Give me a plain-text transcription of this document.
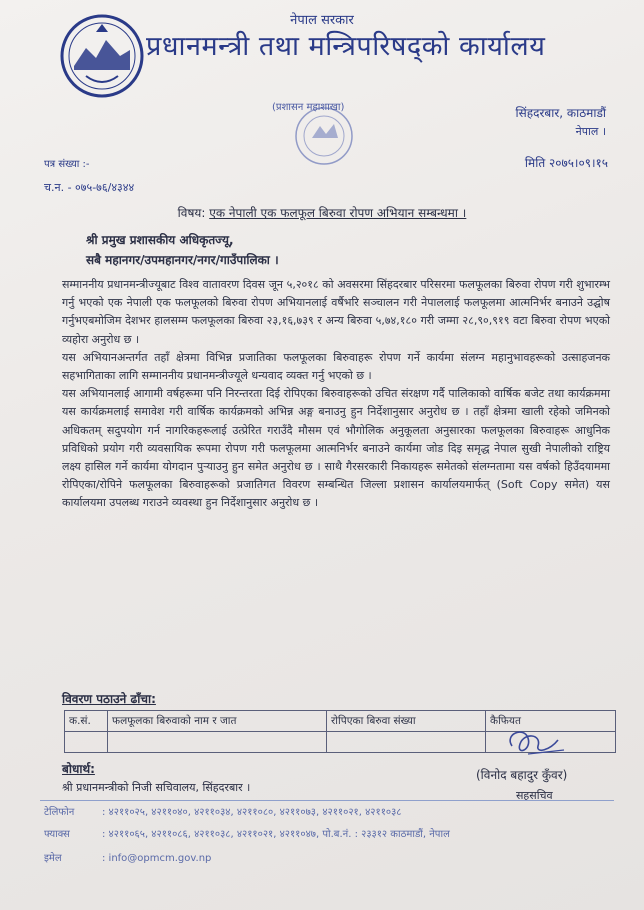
नेपाल सरकार
प्रधानमन्त्री तथा मन्त्रिपरिषद्को कार्यालय
(प्रशासन महाशाखा)	सिंहदरबार, काठमाडौं
नेपाल ।
पत्र संख्या :-	मिति २०७५।०९।१५
च.न. - ०७५-७६/४३४४
विषय: एक नेपाली एक फलफूल बिरुवा रोपण अभियान सम्बन्धमा ।
श्री प्रमुख प्रशासकीय अधिकृतज्यू,
सबै महानगर/उपमहानगर/नगर/गाउँपालिका ।

सम्माननीय प्रधानमन्त्रीज्यूबाट विश्व वातावरण दिवस जून ५,२०१८ को अवसरमा सिंहदरबार परिसरमा फलफूलका बिरुवा रोपण गरी शुभारम्भ गर्नु भएको एक नेपाली एक फलफूलको बिरुवा रोपण अभियानलाई वर्षैभरि सञ्चालन गरी नेपाललाई फलफूलमा आत्मनिर्भर बनाउने उद्घोष गर्नुभएबमोजिम देशभर हालसम्म फलफूलका बिरुवा २३,१६,७३९ र अन्य बिरुवा ५,७४,१८० गरी जम्मा २८,९०,९१९ वटा बिरुवा रोपण भएको व्यहोरा अनुरोध छ ।

यस अभियानअन्तर्गत तहाँ क्षेत्रमा विभिन्न प्रजातिका फलफूलका बिरुवाहरू रोपण गर्ने कार्यमा संलग्न महानुभावहरूको उत्साहजनक सहभागिताका लागि सम्माननीय प्रधानमन्त्रीज्यूले धन्यवाद व्यक्त गर्नु भएको छ ।

यस अभियानलाई आगामी वर्षहरूमा पनि निरन्तरता दिई रोपिएका बिरुवाहरूको उचित संरक्षण गर्दै पालिकाको वार्षिक बजेट तथा कार्यक्रममा यस कार्यक्रमलाई समावेश गरी वार्षिक कार्यक्रमको अभिन्न अङ्ग बनाउनु हुन निर्देशानुसार अनुरोध छ । तहाँ क्षेत्रमा खाली रहेको जमिनको अधिकतम् सदुपयोग गर्न नागरिकहरूलाई उत्प्रेरित गराउँदै मौसम एवं भौगोलिक अनुकूलता अनुसारका फलफूलका बिरुवाहरू आधुनिक प्रविधिको प्रयोग गरी व्यवसायिक रूपमा रोपण गरी फलफूलमा आत्मनिर्भर बनाउने कार्यमा जोड दिइ समृद्ध नेपाल सुखी नेपालीको राष्ट्रिय लक्ष्य हासिल गर्ने कार्यमा योगदान पुऱ्याउनु हुन समेत अनुरोध छ । साथै गैरसरकारी निकायहरू समेतको संलग्नतामा यस वर्षको हिउँदयाममा रोपिएका/रोपिने फलफूलका बिरुवाहरूको प्रजातिगत विवरण सम्बन्धित जिल्ला प्रशासन कार्यालयमार्फत् (Soft Copy समेत) यस कार्यालयमा उपलब्ध गराउने व्यवस्था हुन निर्देशानुसार अनुरोध छ ।

विवरण पठाउने ढाँचा:
क.सं.	फलफूलका बिरुवाको नाम र जात	रोपिएका बिरुवा संख्या	कैफियत

(विनोद बहादुर कुँवर)
सहसचिव
बोधार्थ:
श्री प्रधानमन्त्रीको निजी सचिवालय, सिंहदरबार ।
टेलिफोन	: ४२११०२५, ४२११०४०, ४२११०३४, ४२११०८०, ४२११०७३, ४२११०२१, ४२११०३८
फ्याक्स	: ४२११०६५, ४२११०८६, ४२११०३८, ४२११०२१, ४२११०४७, पो.ब.नं. : २३३१२ काठमाडौं, नेपाल
इमेल	: info@opmcm.gov.np
